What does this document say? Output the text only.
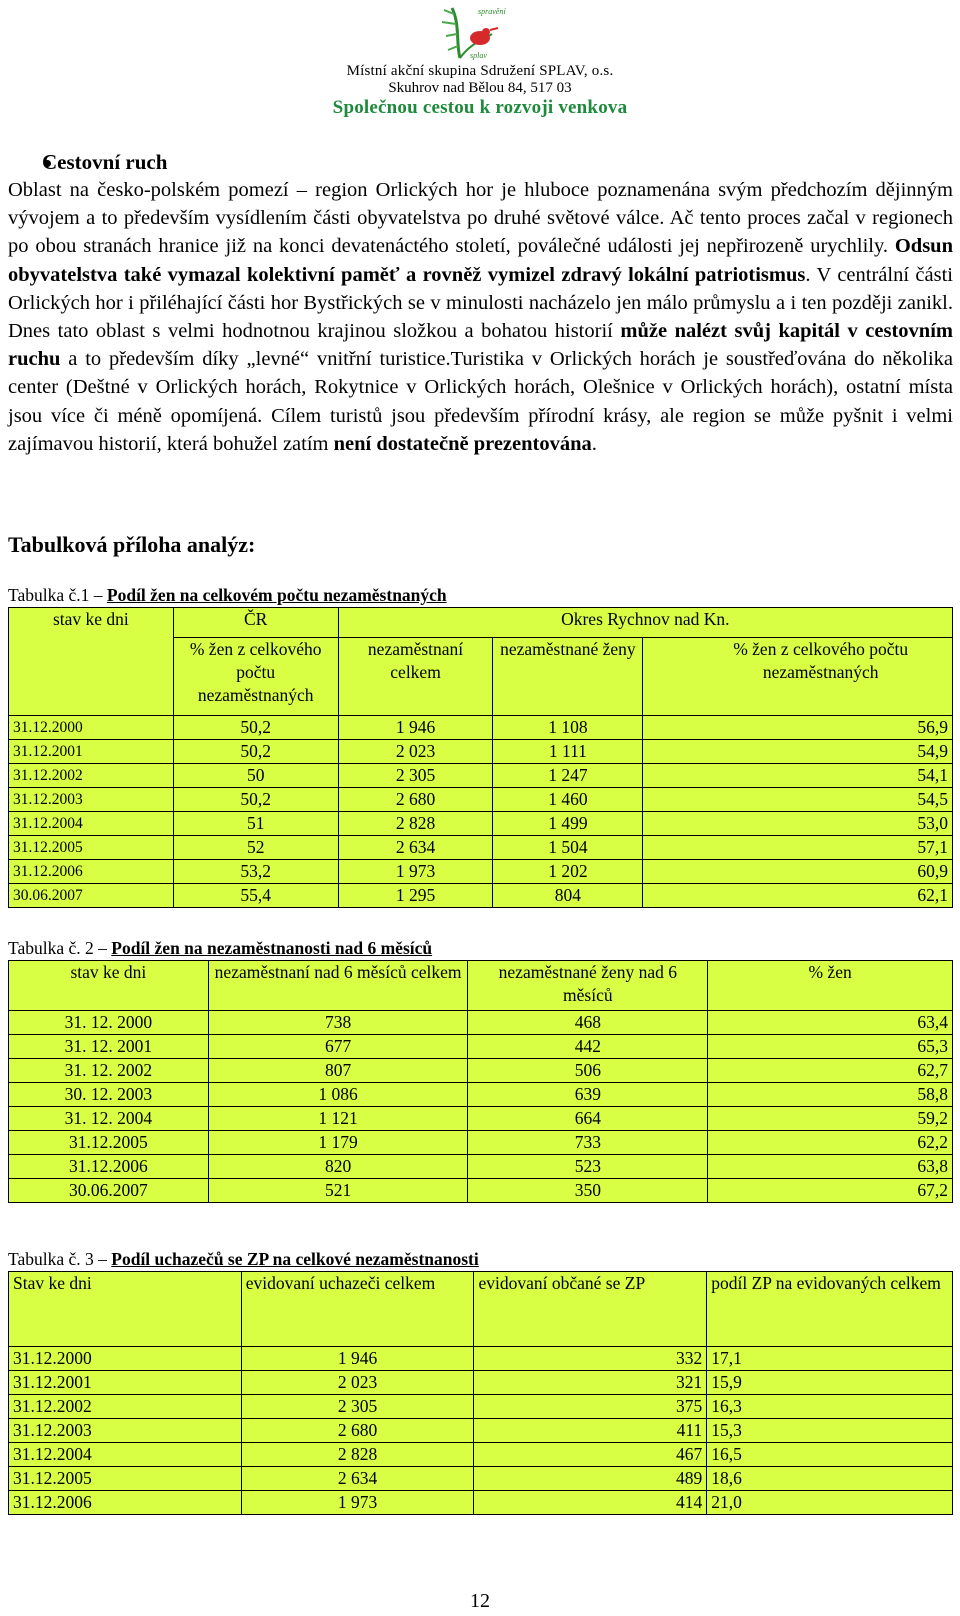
spravění
splav
Místní akční skupina Sdružení SPLAV, o.s.
Skuhrov nad Bělou 84, 517 03
Společnou cestou k rozvoji venkova
Cestovní ruch
Oblast na česko-polském pomezí – region Orlických hor je hluboce poznamenána svým předchozím dějinným vývojem a to především vysídlením části obyvatelstva po druhé světové válce. Ač tento proces začal v regionech po obou stranách hranice již na konci devatenáctého století, poválečné události jej nepřirozeně urychlily. Odsun obyvatelstva také vymazal kolektivní paměť a rovněž vymizel zdravý lokální patriotismus. V centrální části Orlických hor i přiléhající části hor Bystřických se v minulosti nacházelo jen málo průmyslu a i ten později zanikl. Dnes tato oblast s velmi hodnotnou krajinou složkou a bohatou historií může nalézt svůj kapitál v cestovním ruchu a to především díky „levné“ vnitřní turistice.Turistika v Orlických horách je soustřeďována do několika center (Deštné v Orlických horách, Rokytnice v Orlických horách, Olešnice v Orlických horách), ostatní místa jsou více či méně opomíjená. Cílem turistů jsou především přírodní krásy, ale region se může pyšnit i velmi zajímavou historií, která bohužel zatím není dostatečně prezentována.
Tabulková příloha analýz:
Tabulka č.1 – Podíl žen na celkovém počtu nezaměstnaných
stav ke dni	ČR	Okres Rychnov nad Kn.		
	% žen z celkového počtu nezaměstnaných	nezaměstnaní celkem	nezaměstnané ženy	% žen z celkového počtu nezaměstnaných
31.12.2000	50,2	1 946	1 108	56,9
31.12.2001	50,2	2 023	1 111	54,9
31.12.2002	50	2 305	1 247	54,1
31.12.2003	50,2	2 680	1 460	54,5
31.12.2004	51	2 828	1 499	53,0
31.12.2005	52	2 634	1 504	57,1
31.12.2006	53,2	1 973	1 202	60,9
30.06.2007	55,4	1 295	804	62,1
Tabulka č. 2 – Podíl žen na nezaměstnanosti nad 6 měsíců
stav ke dni	nezaměstnaní nad 6 měsíců celkem	nezaměstnané ženy nad 6 měsíců	% žen
31. 12. 2000	738	468	63,4
31. 12. 2001	677	442	65,3
31. 12. 2002	807	506	62,7
30. 12. 2003	1 086	639	58,8
31. 12. 2004	1 121	664	59,2
31.12.2005	1 179	733	62,2
31.12.2006	820	523	63,8
30.06.2007	521	350	67,2
Tabulka č. 3 – Podíl uchazečů se ZP na celkové nezaměstnanosti
Stav ke dni	evidovaní uchazeči celkem	evidovaní občané se ZP	podíl ZP na evidovaných celkem
31.12.2000	1 946	332	17,1
31.12.2001	2 023	321	15,9
31.12.2002	2 305	375	16,3
31.12.2003	2 680	411	15,3
31.12.2004	2 828	467	16,5
31.12.2005	2 634	489	18,6
31.12.2006	1 973	414	21,0
12
